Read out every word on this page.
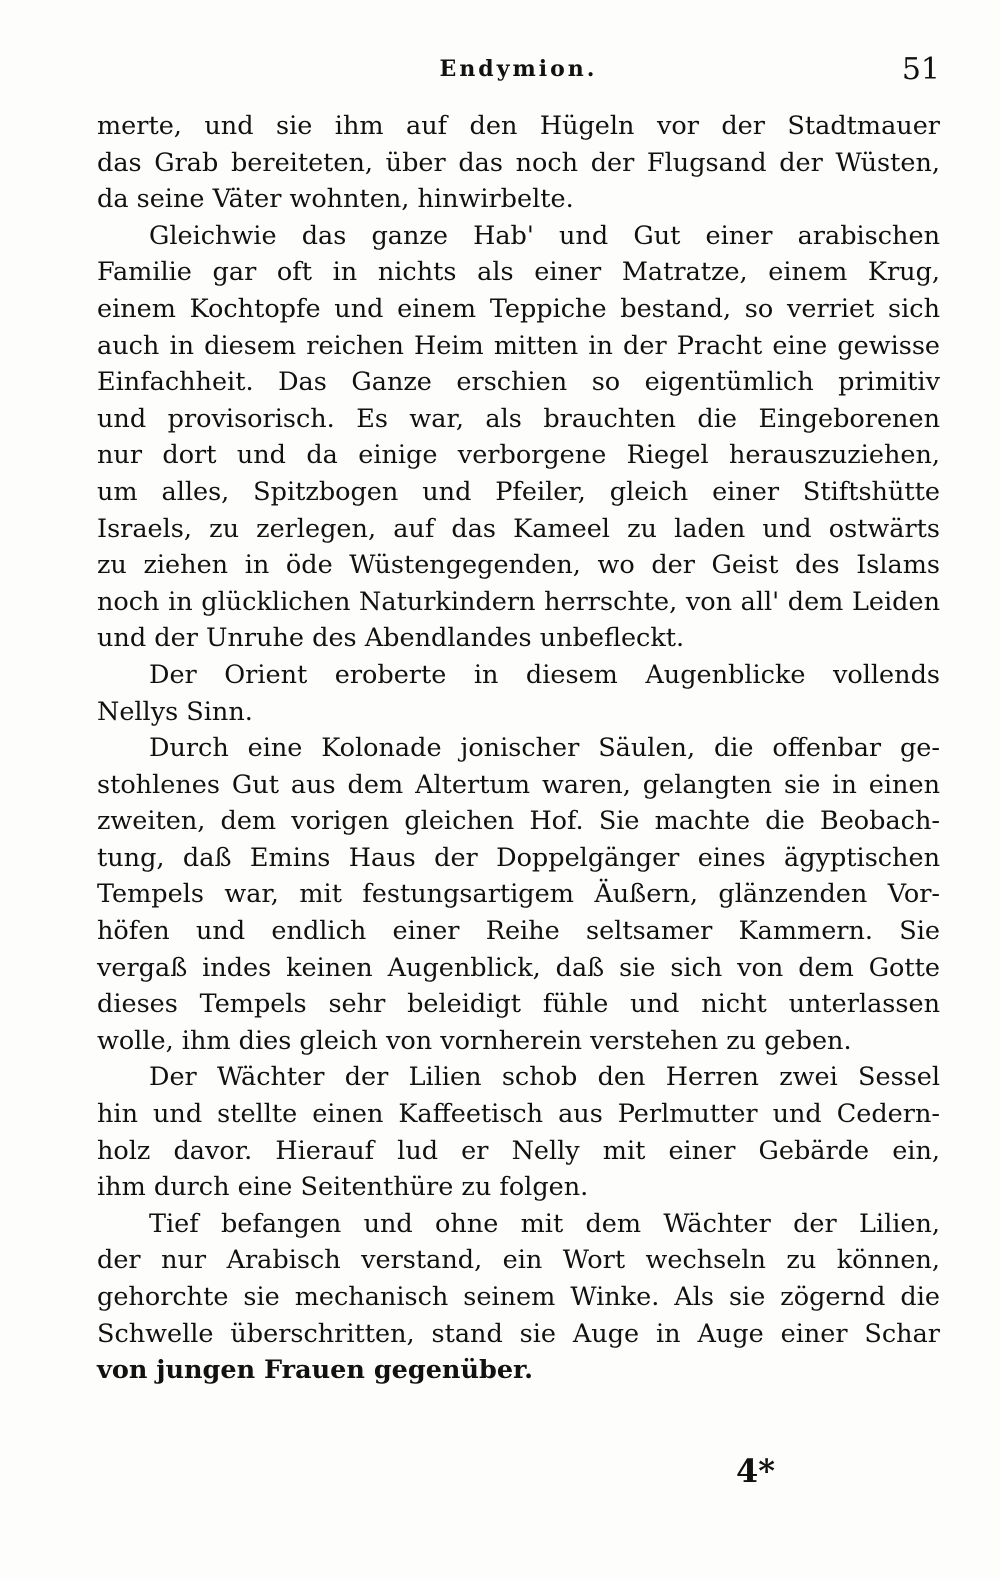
Endymion.	51
merte, und sie ihm auf den Hügeln vor der Stadtmauer
das Grab bereiteten, über das noch der Flugsand der Wüsten,
da seine Väter wohnten, hinwirbelte.
Gleichwie das ganze Hab' und Gut einer arabischen
Familie gar oft in nichts als einer Matratze, einem Krug,
einem Kochtopfe und einem Teppiche bestand, so verriet sich
auch in diesem reichen Heim mitten in der Pracht eine gewisse
Einfachheit. Das Ganze erschien so eigentümlich primitiv
und provisorisch. Es war, als brauchten die Eingeborenen
nur dort und da einige verborgene Riegel herauszuziehen,
um alles, Spitzbogen und Pfeiler, gleich einer Stiftshütte
Israels, zu zerlegen, auf das Kameel zu laden und ostwärts
zu ziehen in öde Wüstengegenden, wo der Geist des Islams
noch in glücklichen Naturkindern herrschte, von all' dem Leiden
und der Unruhe des Abendlandes unbefleckt.
Der Orient eroberte in diesem Augenblicke vollends
Nellys Sinn.
Durch eine Kolonade jonischer Säulen, die offenbar ge-
stohlenes Gut aus dem Altertum waren, gelangten sie in einen
zweiten, dem vorigen gleichen Hof. Sie machte die Beobach-
tung, daß Emins Haus der Doppelgänger eines ägyptischen
Tempels war, mit festungsartigem Äußern, glänzenden Vor-
höfen und endlich einer Reihe seltsamer Kammern. Sie
vergaß indes keinen Augenblick, daß sie sich von dem Gotte
dieses Tempels sehr beleidigt fühle und nicht unterlassen
wolle, ihm dies gleich von vornherein verstehen zu geben.
Der Wächter der Lilien schob den Herren zwei Sessel
hin und stellte einen Kaffeetisch aus Perlmutter und Cedern-
holz davor. Hierauf lud er Nelly mit einer Gebärde ein,
ihm durch eine Seitenthüre zu folgen.
Tief befangen und ohne mit dem Wächter der Lilien,
der nur Arabisch verstand, ein Wort wechseln zu können,
gehorchte sie mechanisch seinem Winke. Als sie zögernd die
Schwelle überschritten, stand sie Auge in Auge einer Schar
von jungen Frauen gegenüber.
4*
